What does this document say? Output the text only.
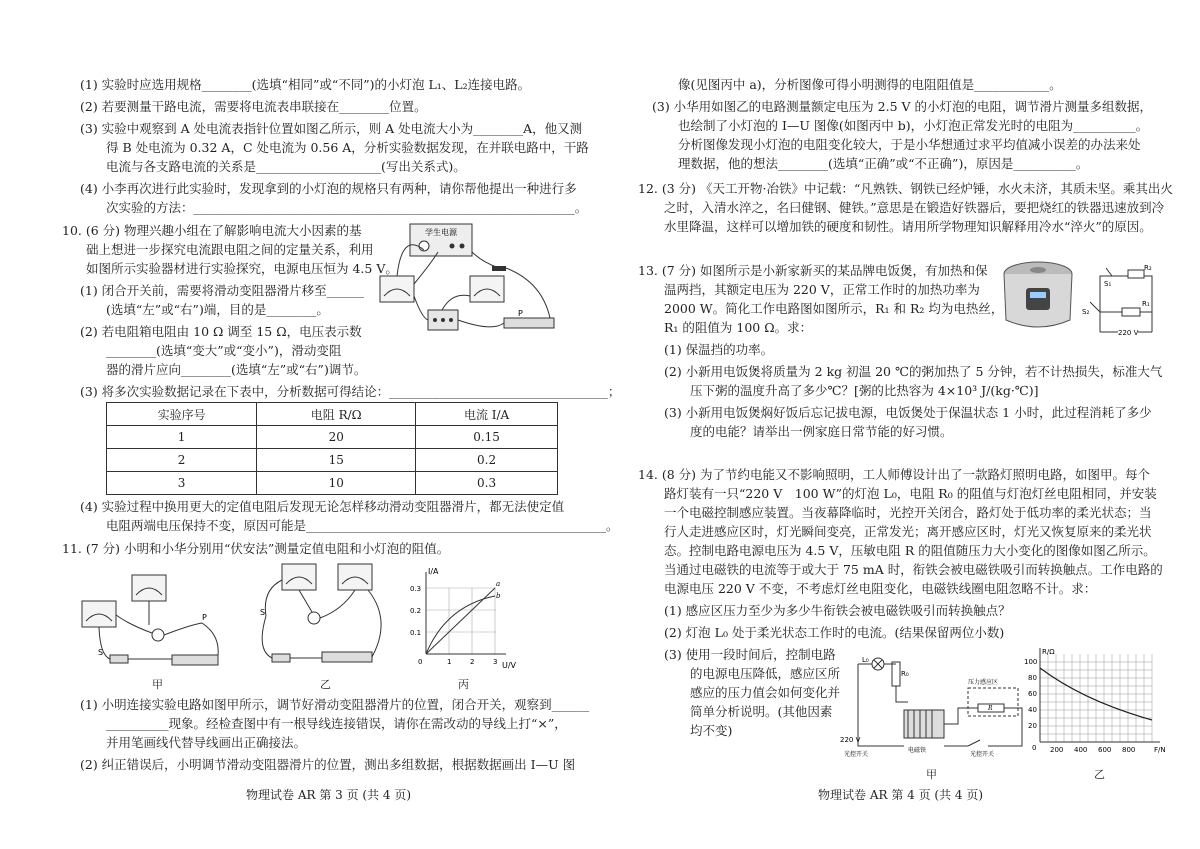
(1) 实验时应选用规格________(选填“相同”或“不同”)的小灯泡 L₁、L₂连接电路。
(2) 若要测量干路电流，需要将电流表串联接在________位置。
(3) 实验中观察到 A 处电流表指针位置如图乙所示，则 A 处电流大小为________A，他又测
得 B 处电流为 0.32 A，C 处电流为 0.56 A，分析实验数据发现，在并联电路中，干路
电流与各支路电流的关系是____________________(写出关系式)。
(4) 小李再次进行此实验时，发现拿到的小灯泡的规格只有两种，请你帮他提出一种进行多
次实验的方法：_____________________________________________________________。
10. (6 分) 物理兴趣小组在了解影响电流大小因素的基
础上想进一步探究电流跟电阻之间的定量关系，利用
如图所示实验器材进行实验探究，电源电压恒为 4.5 V。
(1) 闭合开关前，需要将滑动变阻器滑片移至______
(选填“左”或“右”)端，目的是________。
(2) 若电阻箱电阻由 10 Ω 调至 15 Ω，电压表示数
________(选填“变大”或“变小”)，滑动变阻
器的滑片应向________(选填“左”或“右”)调节。
(3) 将多次实验数据记录在下表中，分析数据可得结论：___________________________________；
学生电源
P
实验序号	电阻 R/Ω	电流 I/A
1	20	0.15
2	15	0.2
3	10	0.3
(4) 实验过程中换用更大的定值电阻后发现无论怎样移动滑动变阻器滑片，都无法使定值
电阻两端电压保持不变，原因可能是________________________________________________。
11. (7 分) 小明和小华分别用“伏安法”测量定值电阻和小灯泡的阻值。
P
S
甲
S
乙
I/A
U/V
0.3
0.2
0.1
0	1	2	3
a
b
丙
(1) 小明连接实验电路如图甲所示，调节好滑动变阻器滑片的位置，闭合开关，观察到______
__________现象。经检查图中有一根导线连接错误，请你在需改动的导线上打“×”，
并用笔画线代替导线画出正确接法。
(2) 纠正错误后，小明调节滑动变阻器滑片的位置，测出多组数据，根据数据画出 I—U 图
物理试卷 AR 第 3 页 (共 4 页)
像(见图丙中 a)，分析图像可得小明测得的电阻阻值是____________。
(3) 小华用如图乙的电路测量额定电压为 2.5 V 的小灯泡的电阻，调节滑片测量多组数据，
也绘制了小灯泡的 I—U 图像(如图丙中 b)，小灯泡正常发光时的电阻为__________。
分析图像发现小灯泡的电阻变化较大，于是小华想通过求平均值减小误差的办法来处
理数据，他的想法________(选填“正确”或“不正确”)，原因是__________。
12. (3 分) 《天工开物·冶铁》中记载：“凡熟铁、钢铁已经炉锤，水火未济，其质未坚。乘其出火
之时，入清水淬之，名曰健钢、健铁。”意思是在锻造好铁器后，要把烧红的铁器迅速放到冷
水里降温，这样可以增加铁的硬度和韧性。请用所学物理知识解释用冷水“淬火”的原因。
13. (7 分) 如图所示是小新家新买的某品牌电饭煲，有加热和保
温两挡，其额定电压为 220 V，正常工作时的加热功率为
2000 W。简化工作电路图如图所示，R₁ 和 R₂ 均为电热丝，
R₁ 的阻值为 100 Ω。求：
(1) 保温挡的功率。
(2) 小新用电饭煲将质量为 2 kg 初温 20 ℃的粥加热了 5 分钟，若不计热损失，标准大气
压下粥的温度升高了多少℃？[粥的比热容为 4×10³ J/(kg·℃)]
(3) 小新用电饭煲焖好饭后忘记拔电源，电饭煲处于保温状态 1 小时，此过程消耗了多少
度的电能？请举出一例家庭日常节能的好习惯。
S₁
R₂
S₂
R₁
220 V
14. (8 分) 为了节约电能又不影响照明，工人师傅设计出了一款路灯照明电路，如图甲。每个
路灯装有一只“220 V　100 W”的灯泡 L₀，电阻 R₀ 的阻值与灯泡灯丝电阻相同，并安装
一个电磁控制感应装置。当夜幕降临时，光控开关闭合，路灯处于低功率的柔光状态；当
行人走进感应区时，灯光瞬间变亮，正常发光；离开感应区时，灯光又恢复原来的柔光状
态。控制电路电源电压为 4.5 V，压敏电阻 R 的阻值随压力大小变化的图像如图乙所示。
当通过电磁铁的电流等于或大于 75 mA 时，衔铁会被电磁铁吸引而转换触点。工作电路的
电源电压 220 V 不变，不考虑灯丝电阻变化，电磁铁线圈电阻忽略不计。求：
(1) 感应区压力至少为多少牛衔铁会被电磁铁吸引而转换触点？
(2) 灯泡 L₀ 处于柔光状态工作时的电流。(结果保留两位小数)
(3) 使用一段时间后，控制电路
的电源电压降低，感应区所
感应的压力值会如何变化并
简单分析说明。(其他因素
均不变)
L₀
R₀
220 V
光控开关
压力感应区
R
电磁铁
光控开关
甲
R/Ω
F/N
100
80
60
40
20
0 200 400 600 800
乙
物理试卷 AR 第 4 页 (共 4 页)
